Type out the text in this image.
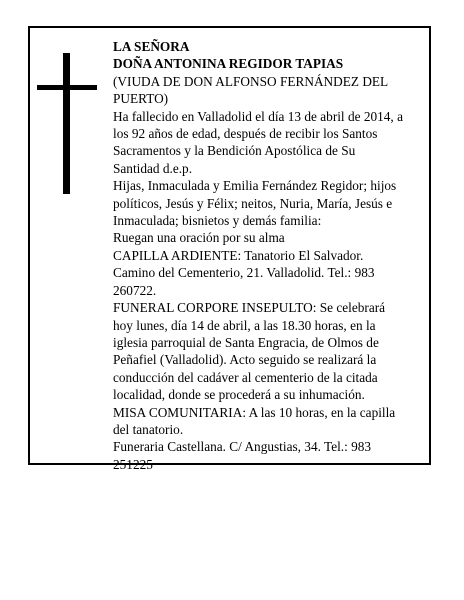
LA SEÑORA

DOÑA ANTONINA REGIDOR TAPIAS

(VIUDA DE DON ALFONSO FERNÁNDEZ DEL PUERTO)

Ha fallecido en Valladolid el día 13 de abril de 2014, a los 92 años de edad, después de recibir los Santos Sacramentos y la Bendición Apostólica de Su Santidad d.e.p.

Hijas, Inmaculada y Emilia Fernández Regidor; hijos políticos, Jesús y Félix; neitos, Nuria, María, Jesús e Inmaculada; bisnietos y demás familia:

Ruegan una oración por su alma

CAPILLA ARDIENTE: Tanatorio El Salvador. Camino del Cementerio, 21. Valladolid. Tel.: 983 260722.

FUNERAL CORPORE INSEPULTO: Se celebrará hoy lunes, día 14 de abril, a las 18.30 horas, en la iglesia parroquial de Santa Engracia, de Olmos de Peñafiel (Valladolid). Acto seguido se realizará la conducción del cadáver al cementerio de la citada localidad, donde se procederá a su inhumación.

MISA COMUNITARIA: A las 10 horas, en la capilla del tanatorio.

Funeraria Castellana. C/ Angustias, 34. Tel.: 983 251225
